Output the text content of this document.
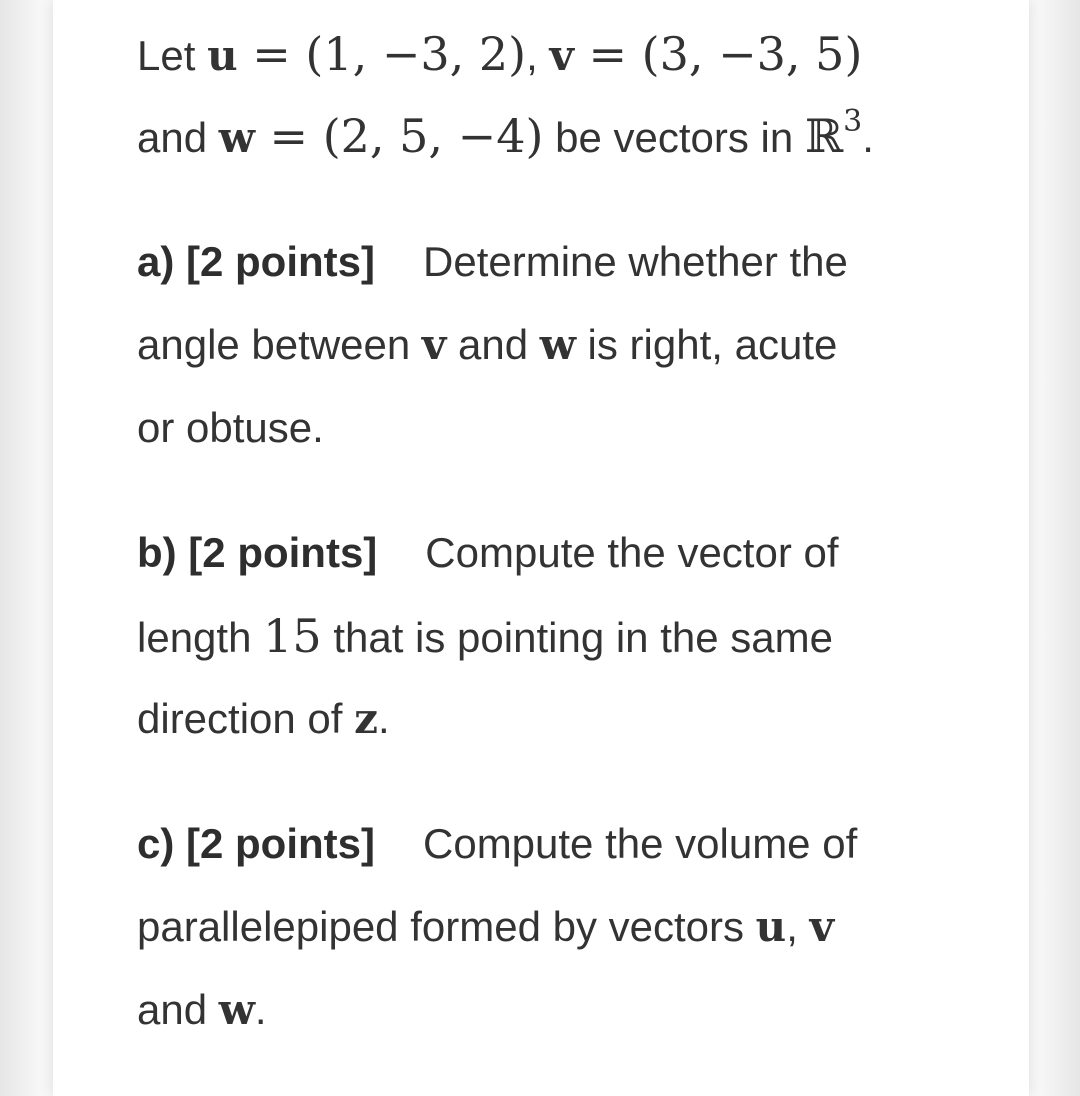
Let u = (1, −3, 2), v = (3, −3, 5)
and w = (2, 5, −4) be vectors in ℝ$^3$.
a) [2 points] Determine whether the
angle between v and w is right, acute
or obtuse.
b) [2 points] Compute the vector of
length 15 that is pointing in the same
direction of z.
c) [2 points] Compute the volume of
parallelepiped formed by vectors u, v
and w.
